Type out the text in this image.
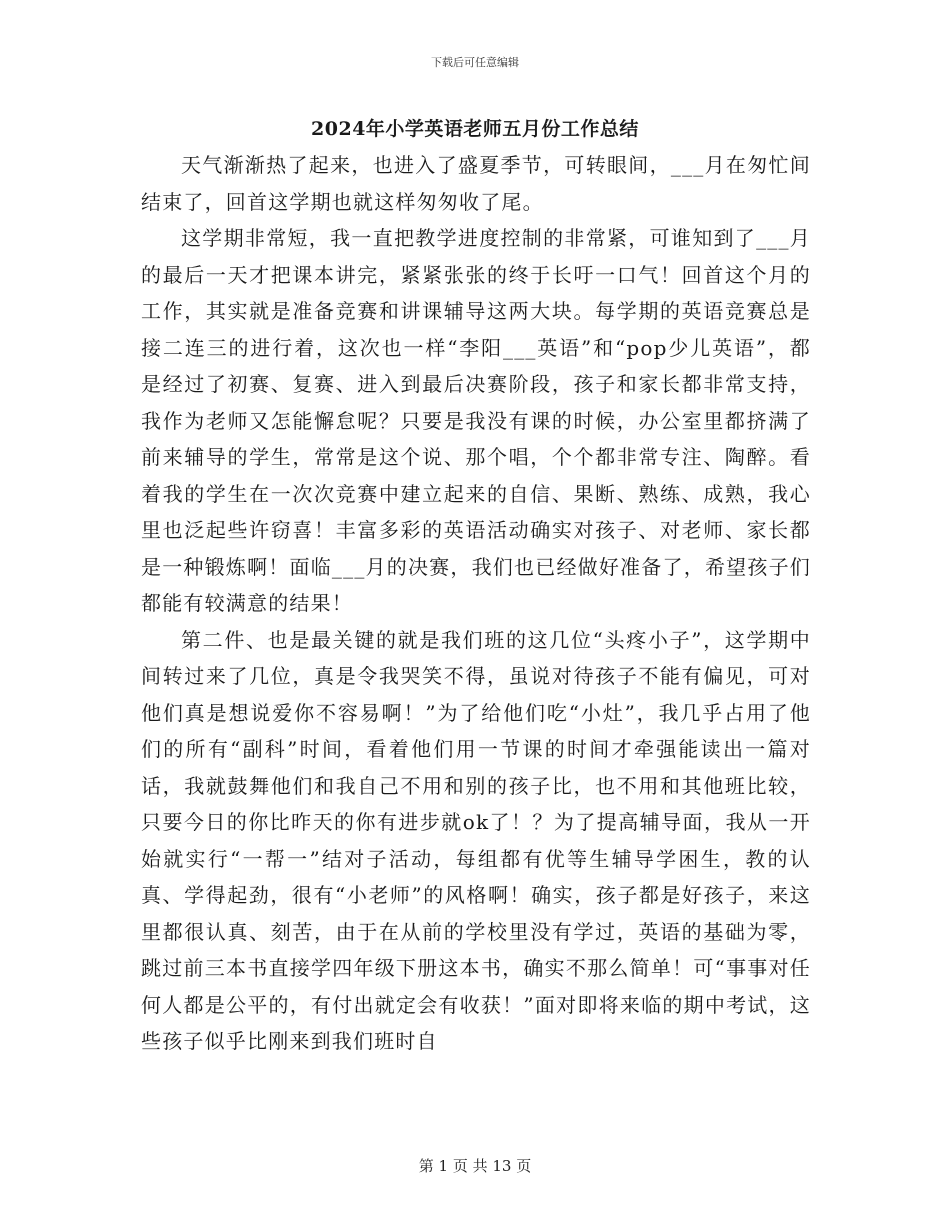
下载后可任意编辑
2024年小学英语老师五月份工作总结

天气渐渐热了起来，也进入了盛夏季节，可转眼间，___月在匆忙间结束了，回首这学期也就这样匆匆收了尾。

这学期非常短，我一直把教学进度控制的非常紧，可谁知到了___月的最后一天才把课本讲完，紧紧张张的终于长吁一口气！回首这个月的工作，其实就是准备竞赛和讲课辅导这两大块。每学期的英语竞赛总是接二连三的进行着，这次也一样“李阳___英语”和“pop少儿英语”，都是经过了初赛、复赛、进入到最后决赛阶段，孩子和家长都非常支持，我作为老师又怎能懈怠呢？只要是我没有课的时候，办公室里都挤满了前来辅导的学生，常常是这个说、那个唱，个个都非常专注、陶醉。看着我的学生在一次次竞赛中建立起来的自信、果断、熟练、成熟，我心里也泛起些许窃喜！丰富多彩的英语活动确实对孩子、对老师、家长都是一种锻炼啊！面临___月的决赛，我们也已经做好准备了，希望孩子们都能有较满意的结果！

第二件、也是最关键的就是我们班的这几位“头疼小子”，这学期中间转过来了几位，真是令我哭笑不得，虽说对待孩子不能有偏见，可对他们真是想说爱你不容易啊！”为了给他们吃“小灶”，我几乎占用了他们的所有“副科”时间，看着他们用一节课的时间才牵强能读出一篇对话，我就鼓舞他们和我自己不用和别的孩子比，也不用和其他班比较，只要今日的你比昨天的你有进步就ok了！？为了提高辅导面，我从一开始就实行“一帮一”结对子活动，每组都有优等生辅导学困生，教的认真、学得起劲，很有“小老师”的风格啊！确实，孩子都是好孩子，来这里都很认真、刻苦，由于在从前的学校里没有学过，英语的基础为零，跳过前三本书直接学四年级下册这本书，确实不那么简单！可“事事对任何人都是公平的，有付出就定会有收获！”面对即将来临的期中考试，这些孩子似乎比刚来到我们班时自

第 1 页 共 13 页
